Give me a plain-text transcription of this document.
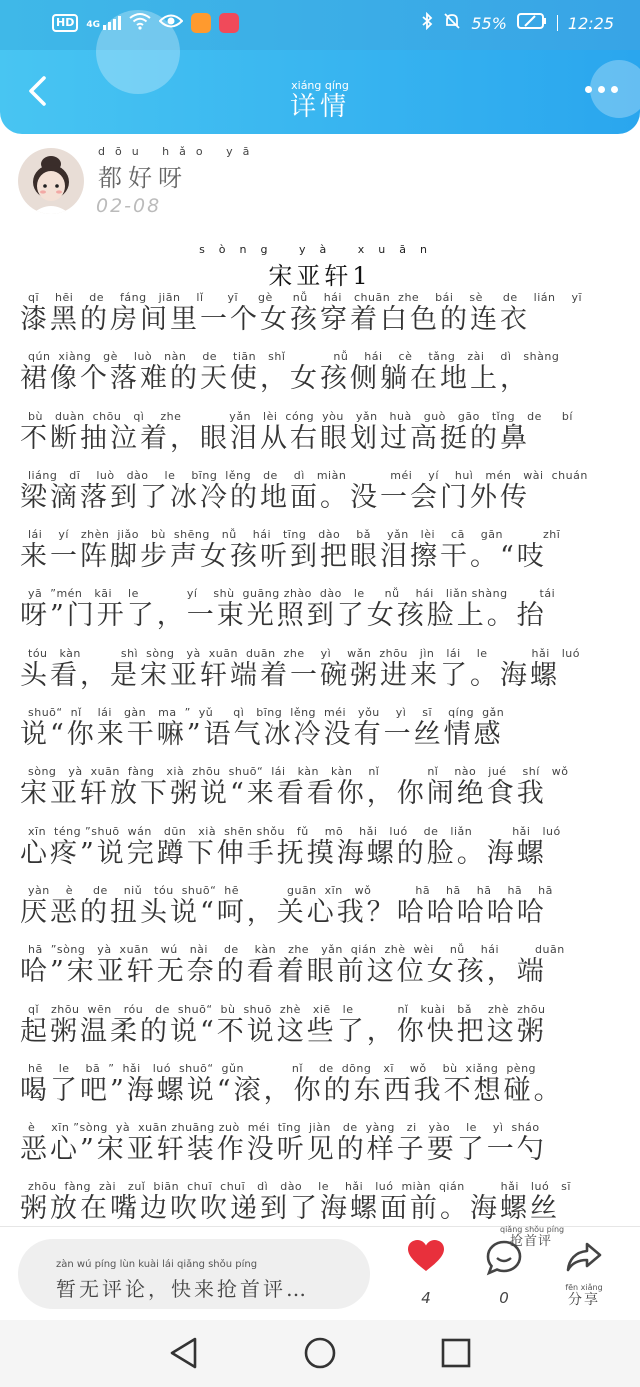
HD	4G	55%	12:25
xiáng qíng
详情
dōu hǎo yā
都好呀
02-08
sòng yà xuān
宋亚轩1
qī    hēi    de    fáng   jiān    lǐ      yī     gè     nǚ    hái   chuān  zhe    bái    sè     de    lián    yī
漆黑的房间里一个女孩穿着白色的连衣
qún  xiàng   gè    luò   nàn    de    tiān   shǐ            nǚ    hái    cè    tǎng   zài    dì   shàng
裙像个落难的天使，女孩侧躺在地上，
bù   duàn  chōu   qì    zhe            yǎn   lèi  cóng  yòu   yǎn   huà   guò   gāo   tǐng   de     bí
不断抽泣着，眼泪从右眼划过高挺的鼻
liáng   dī    luò   dào    le    bīng  lěng   de    dì   miàn           méi    yí    huì   mén   wài  chuán
梁滴落到了冰冷的地面。没一会门外传
lái    yí   zhèn  jiǎo   bù  shēng   nǚ    hái   tīng   dào    bǎ    yǎn   lèi    cā    gān          zhī
来一阵脚步声女孩听到把眼泪擦干。“吱
yā  ”mén   kāi    le            yí    shù  guāng zhào  dào   le     nǚ    hái   liǎn shàng        tái
呀”门开了，一束光照到了女孩脸上。抬
tóu   kàn          shì  sòng   yà  xuān  duān  zhe    yì    wǎn  zhōu   jìn   lái    le           hǎi   luó
头看，是宋亚轩端着一碗粥进来了。海螺
shuō“  nǐ    lái   gàn   ma  ”  yǔ     qì   bīng  lěng  méi   yǒu    yì    sī    qíng  gǎn
说“你来干嘛”语气冰冷没有一丝情感
sòng   yà  xuān  fàng   xià  zhōu  shuō“  lái   kàn   kàn    nǐ            nǐ    nào   jué    shí   wǒ
宋亚轩放下粥说“来看看你，你闹绝食我
xīn  téng ”shuō  wán   dūn   xià  shēn shǒu   fǔ    mō    hǎi   luó    de   liǎn          hǎi   luó
心疼”说完蹲下伸手抚摸海螺的脸。海螺
yàn    è     de    niǔ   tóu  shuō“  hē            guān  xīn   wǒ           hā    hā    hā    hā    hā
厌恶的扭头说“呵，关心我？哈哈哈哈哈
hā  ”sòng   yà  xuān   wú   nài    de    kàn   zhe   yǎn  qián  zhè  wèi    nǚ    hái         duān
哈”宋亚轩无奈的看着眼前这位女孩，端
qǐ   zhōu  wēn   róu   de  shuō“  bù  shuō  zhè   xiē   le           nǐ   kuài   bǎ    zhè  zhōu
起粥温柔的说“不说这些了，你快把这粥
hē    le    bā  ”  hǎi   luó  shuō“  gǔn            nǐ    de  dōng   xī    wǒ    bù  xiǎng  pèng
喝了吧”海螺说“滚，你的东西我不想碰。
è    xīn ”sòng  yà  xuān zhuāng zuò  méi  tīng  jiàn   de  yàng   zi   yào    le    yì  sháo
恶心”宋亚轩装作没听见的样子要了一勺
zhōu  fàng  zài   zuǐ  biān  chuī  chuī   dì   dào    le    hǎi   luó  miàn  qián         hǎi   luó   sī
粥放在嘴边吹吹递到了海螺面前。海螺丝
zàn wú píng lùn kuài lái qiǎng shǒu píng
暂无评论，快来抢首评…	4	0
qiǎng shǒu píng
抢首评
fēn xiǎng
分享
